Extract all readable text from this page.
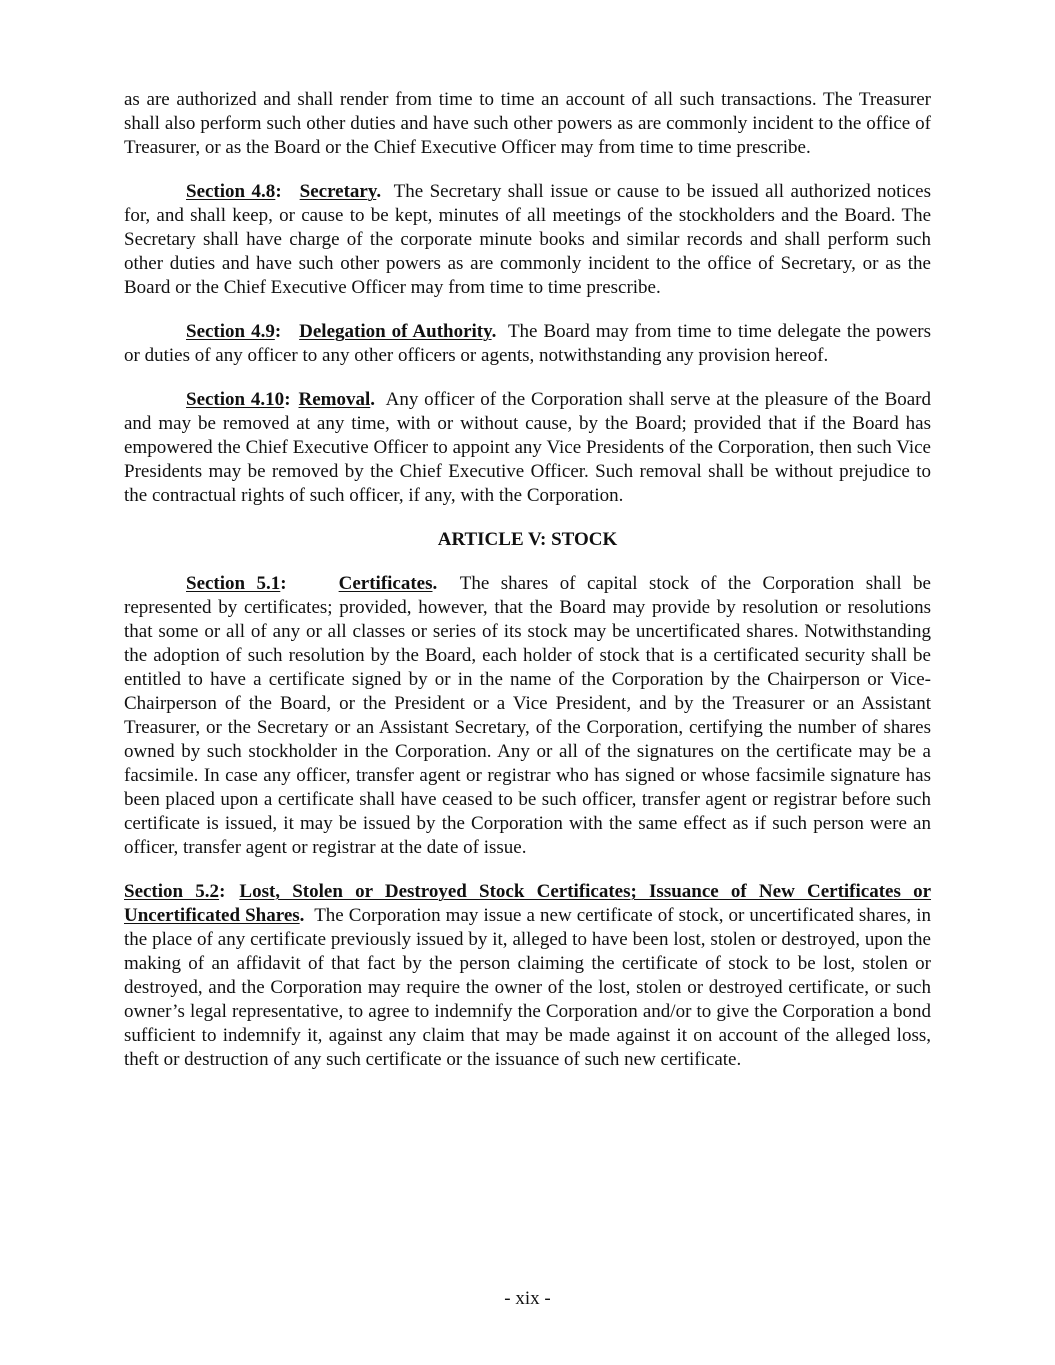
as are authorized and shall render from time to time an account of all such transactions. The Treasurer shall also perform such other duties and have such other powers as are commonly incident to the office of Treasurer, or as the Board or the Chief Executive Officer may from time to time prescribe.

Section 4.8: Secretary. The Secretary shall issue or cause to be issued all authorized notices for, and shall keep, or cause to be kept, minutes of all meetings of the stockholders and the Board. The Secretary shall have charge of the corporate minute books and similar records and shall perform such other duties and have such other powers as are commonly incident to the office of Secretary, or as the Board or the Chief Executive Officer may from time to time prescribe.

Section 4.9: Delegation of Authority. The Board may from time to time delegate the powers or duties of any officer to any other officers or agents, notwithstanding any provision hereof.

Section 4.10: Removal. Any officer of the Corporation shall serve at the pleasure of the Board and may be removed at any time, with or without cause, by the Board; provided that if the Board has empowered the Chief Executive Officer to appoint any Vice Presidents of the Corporation, then such Vice Presidents may be removed by the Chief Executive Officer. Such removal shall be without prejudice to the contractual rights of such officer, if any, with the Corporation.

ARTICLE V: STOCK

Section 5.1:	Certificates. The shares of capital stock of the Corporation shall be represented by certificates; provided, however, that the Board may provide by resolution or resolutions that some or all of any or all classes or series of its stock may be uncertificated shares. Notwithstanding the adoption of such resolution by the Board, each holder of stock that is a certificated security shall be entitled to have a certificate signed by or in the name of the Corporation by the Chairperson or Vice-Chairperson of the Board, or the President or a Vice President, and by the Treasurer or an Assistant Treasurer, or the Secretary or an Assistant Secretary, of the Corporation, certifying the number of shares owned by such stockholder in the Corporation. Any or all of the signatures on the certificate may be a facsimile. In case any officer, transfer agent or registrar who has signed or whose facsimile signature has been placed upon a certificate shall have ceased to be such officer, transfer agent or registrar before such certificate is issued, it may be issued by the Corporation with the same effect as if such person were an officer, transfer agent or registrar at the date of issue.

Section 5.2: Lost, Stolen or Destroyed Stock Certificates; Issuance of New Certificates or Uncertificated Shares. The Corporation may issue a new certificate of stock, or uncertificated shares, in the place of any certificate previously issued by it, alleged to have been lost, stolen or destroyed, upon the making of an affidavit of that fact by the person claiming the certificate of stock to be lost, stolen or destroyed, and the Corporation may require the owner of the lost, stolen or destroyed certificate, or such owner’s legal representative, to agree to indemnify the Corporation and/or to give the Corporation a bond sufficient to indemnify it, against any claim that may be made against it on account of the alleged loss, theft or destruction of any such certificate or the issuance of such new certificate.

- xix -
